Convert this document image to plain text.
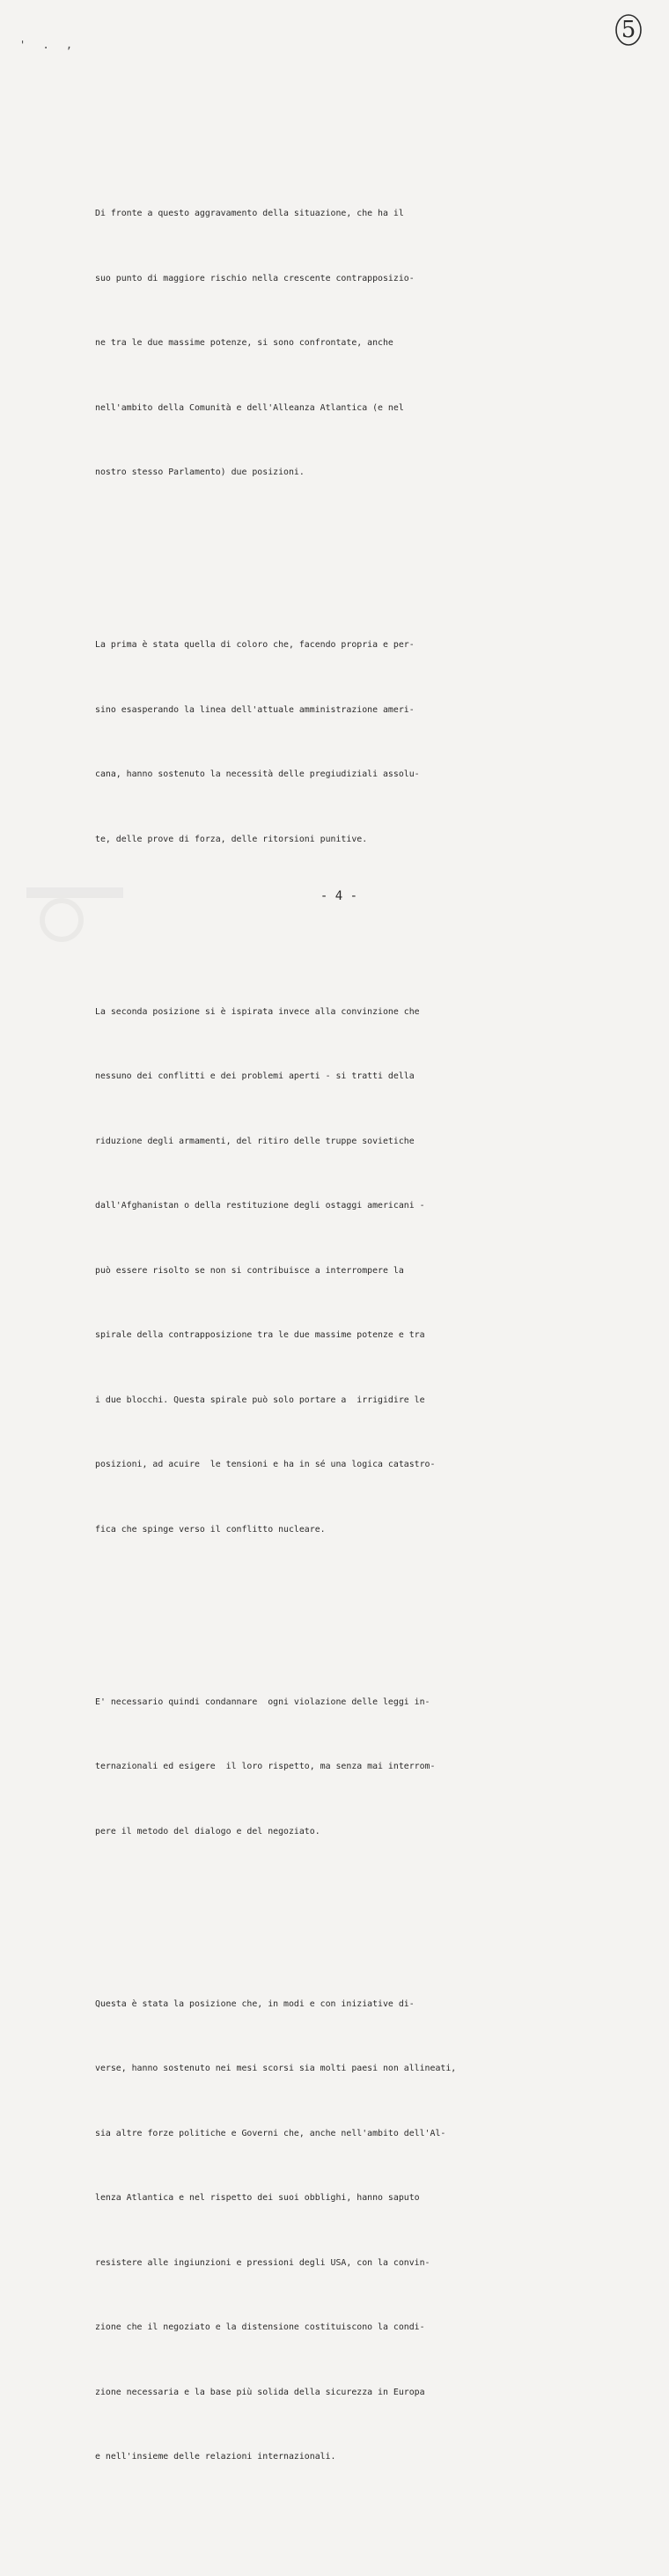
' . ,
5

Di fronte a questo aggravamento della situazione, che ha il

suo punto di maggiore rischio nella crescente contrapposizio-

ne tra le due massime potenze, si sono confrontate, anche

nell'ambito della Comunità e dell'Alleanza Atlantica (e nel

nostro stesso Parlamento) due posizioni.

La prima è stata quella di coloro che, facendo propria e per-

sino esasperando la linea dell'attuale amministrazione ameri-

cana, hanno sostenuto la necessità delle pregiudiziali assolu-

te, delle prove di forza, delle ritorsioni punitive.

La seconda posizione si è ispirata invece alla convinzione che

nessuno dei conflitti e dei problemi aperti - si tratti della

riduzione degli armamenti, del ritiro delle truppe sovietiche

dall'Afghanistan o della restituzione degli ostaggi americani -

può essere risolto se non si contribuisce a interrompere la

spirale della contrapposizione tra le due massime potenze e tra

i due blocchi. Questa spirale può solo portare a  irrigidire le

posizioni, ad acuire  le tensioni e ha in sé una logica catastro-

fica che spinge verso il conflitto nucleare.

E' necessario quindi condannare  ogni violazione delle leggi in-

ternazionali ed esigere  il loro rispetto, ma senza mai interrom-

pere il metodo del dialogo e del negoziato.

Questa è stata la posizione che, in modi e con iniziative di-

verse, hanno sostenuto nei mesi scorsi sia molti paesi non allineati,

sia altre forze politiche e Governi che, anche nell'ambito dell'Al-

lenza Atlantica e nel rispetto dei suoi obblighi, hanno saputo

resistere alle ingiunzioni e pressioni degli USA, con la convin-

zione che il negoziato e la distensione costituiscono la condi-

zione necessaria e la base più solida della sicurezza in Europa

e nell'insieme delle relazioni internazionali.

- 4 -
